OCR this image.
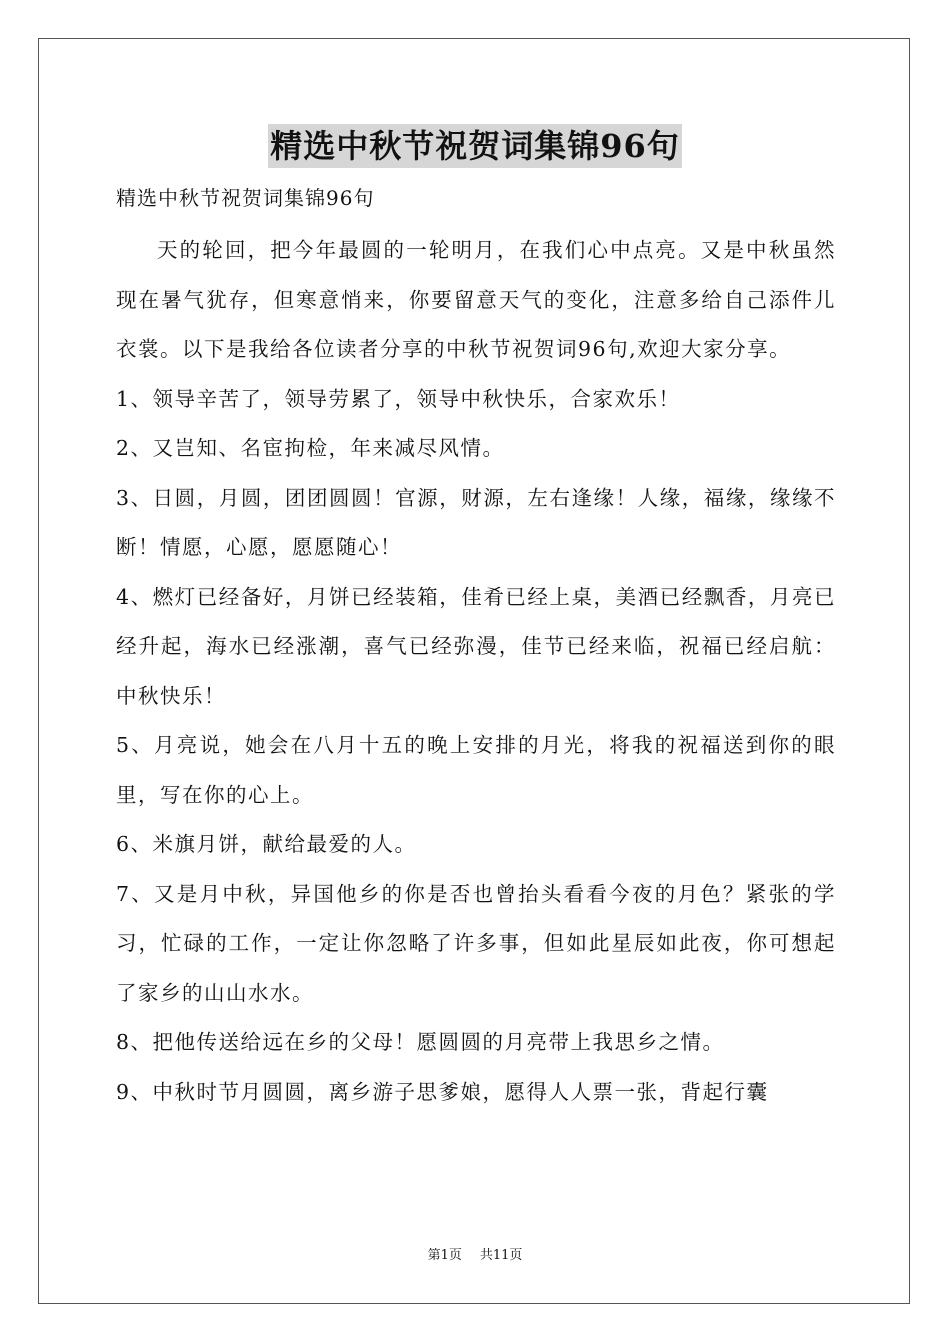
精选中秋节祝贺词集锦96句
精选中秋节祝贺词集锦96句

天的轮回，把今年最圆的一轮明月，在我们心中点亮。又是中秋虽然现在暑气犹存，但寒意悄来，你要留意天气的变化，注意多给自己添件儿衣裳。以下是我给各位读者分享的中秋节祝贺词96句,欢迎大家分享。

1、领导辛苦了，领导劳累了，领导中秋快乐，合家欢乐！

2、又岂知、名宦拘检，年来减尽风情。

3、日圆，月圆，团团圆圆！官源，财源，左右逢缘！人缘，福缘，缘缘不断！情愿，心愿，愿愿随心！

4、燃灯已经备好，月饼已经装箱，佳肴已经上桌，美酒已经飘香，月亮已经升起，海水已经涨潮，喜气已经弥漫，佳节已经来临，祝福已经启航：中秋快乐！

5、月亮说，她会在八月十五的晚上安排的月光，将我的祝福送到你的眼里，写在你的心上。

6、米旗月饼，献给最爱的人。

7、又是月中秋，异国他乡的你是否也曾抬头看看今夜的月色？紧张的学习，忙碌的工作，一定让你忽略了许多事，但如此星辰如此夜，你可想起了家乡的山山水水。

8、把他传送给远在乡的父母！愿圆圆的月亮带上我思乡之情。

9、中秋时节月圆圆，离乡游子思爹娘，愿得人人票一张，背起行囊

第1页 共11页
